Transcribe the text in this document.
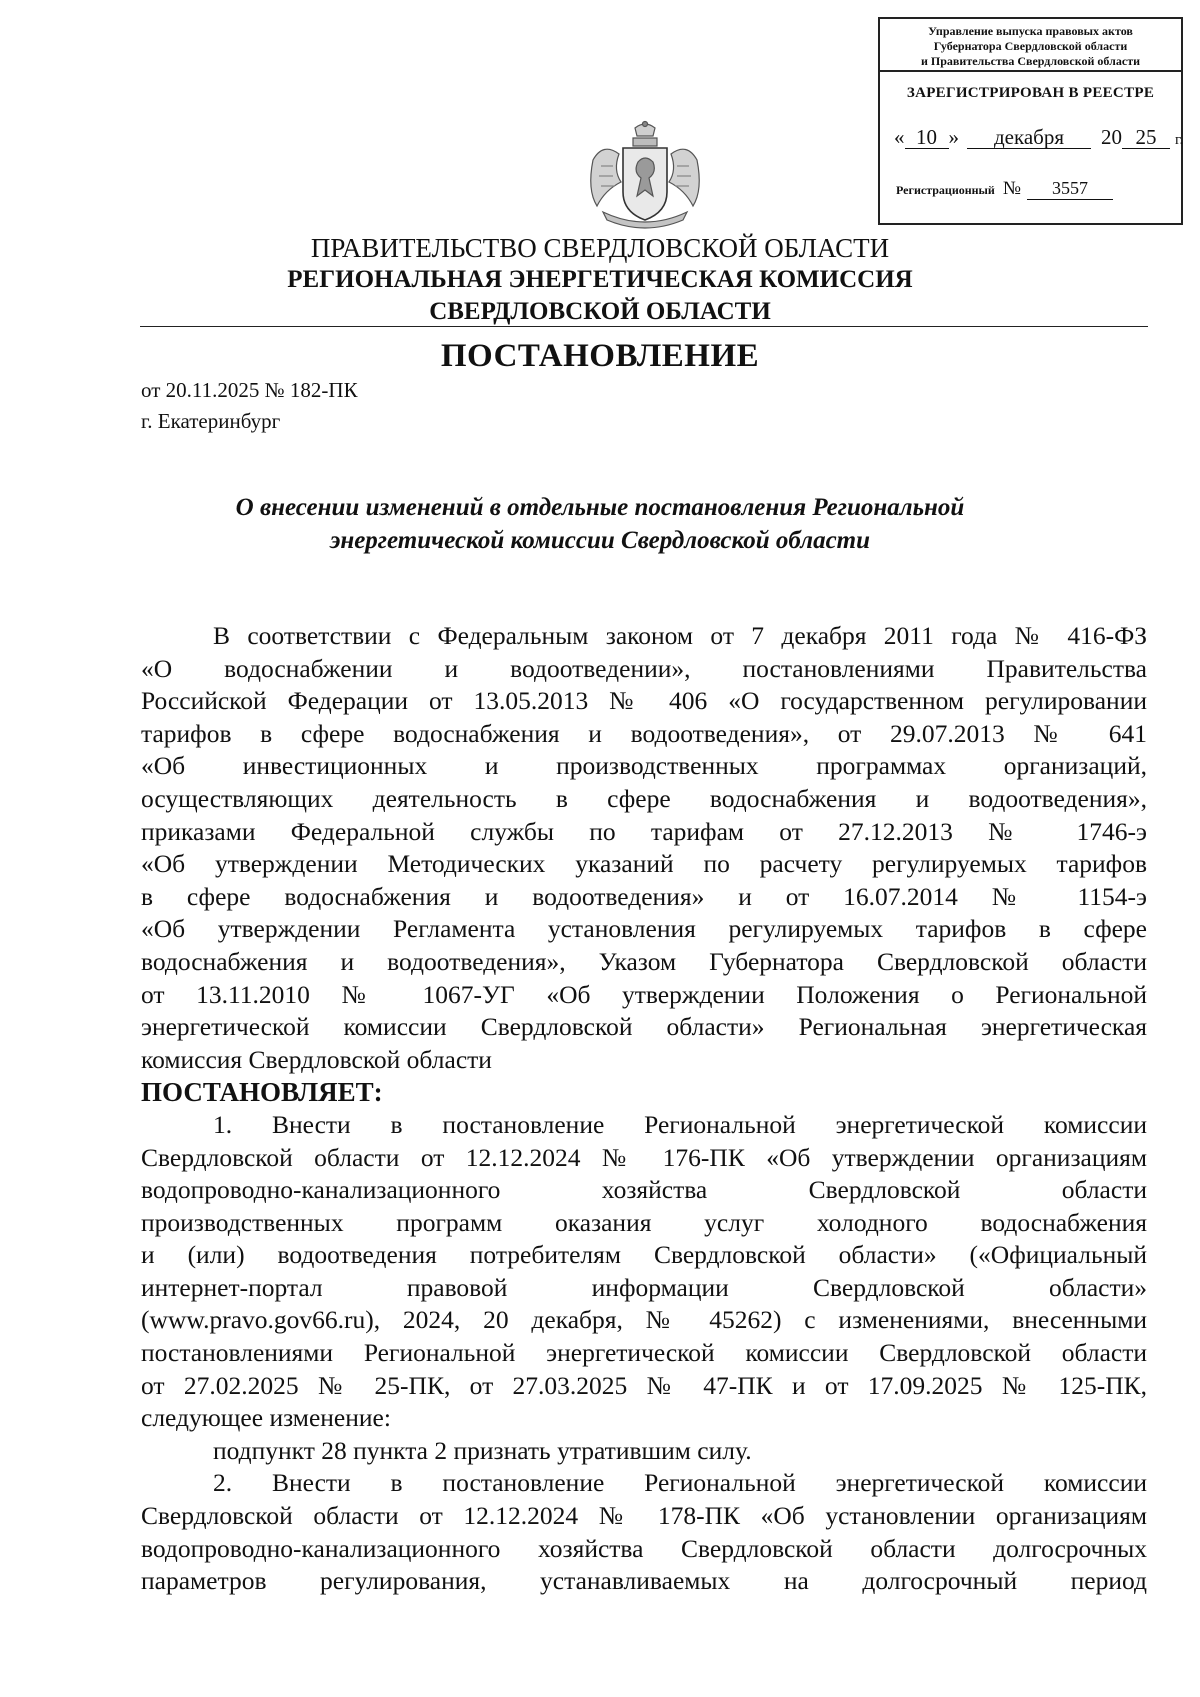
Управление выпуска правовых актов
Губернатора Свердловской области
и Правительства Свердловской области
ЗАРЕГИСТРИРОВАН В РЕЕСТРЕ
« 10 » декабря 20 25 г.
Регистрационный № 3557
ПРАВИТЕЛЬСТВО СВЕРДЛОВСКОЙ ОБЛАСТИ
РЕГИОНАЛЬНАЯ ЭНЕРГЕТИЧЕСКАЯ КОМИССИЯ
СВЕРДЛОВСКОЙ ОБЛАСТИ
ПОСТАНОВЛЕНИЕ
от 20.11.2025 № 182-ПК
г. Екатеринбург
О внесении изменений в отдельные постановления Региональной
энергетической комиссии Свердловской области
В соответствии с Федеральным законом от 7 декабря 2011 года № 416-ФЗ
«О водоснабжении и водоотведении», постановлениями Правительства
Российской Федерации от 13.05.2013 № 406 «О государственном регулировании
тарифов в сфере водоснабжения и водоотведения», от 29.07.2013 № 641
«Об инвестиционных и производственных программах организаций,
осуществляющих деятельность в сфере водоснабжения и водоотведения»,
приказами Федеральной службы по тарифам от 27.12.2013 № 1746-э
«Об утверждении Методических указаний по расчету регулируемых тарифов
в сфере водоснабжения и водоотведения» и от 16.07.2014 № 1154-э
«Об утверждении Регламента установления регулируемых тарифов в сфере
водоснабжения и водоотведения», Указом Губернатора Свердловской области
от 13.11.2010 № 1067-УГ «Об утверждении Положения о Региональной
энергетической комиссии Свердловской области» Региональная энергетическая
комиссия Свердловской области
ПОСТАНОВЛЯЕТ:
1. Внести в постановление Региональной энергетической комиссии
Свердловской области от 12.12.2024 № 176-ПК «Об утверждении организациям
водопроводно-канализационного хозяйства Свердловской области
производственных программ оказания услуг холодного водоснабжения
и (или) водоотведения потребителям Свердловской области» («Официальный
интернет-портал правовой информации Свердловской области»
(www.pravo.gov66.ru), 2024, 20 декабря, № 45262) с изменениями, внесенными
постановлениями Региональной энергетической комиссии Свердловской области
от 27.02.2025 № 25-ПК, от 27.03.2025 № 47-ПК и от 17.09.2025 № 125-ПК,
следующее изменение:
подпункт 28 пункта 2 признать утратившим силу.
2. Внести в постановление Региональной энергетической комиссии
Свердловской области от 12.12.2024 № 178-ПК «Об установлении организациям
водопроводно-канализационного хозяйства Свердловской области долгосрочных
параметров регулирования, устанавливаемых на долгосрочный период
